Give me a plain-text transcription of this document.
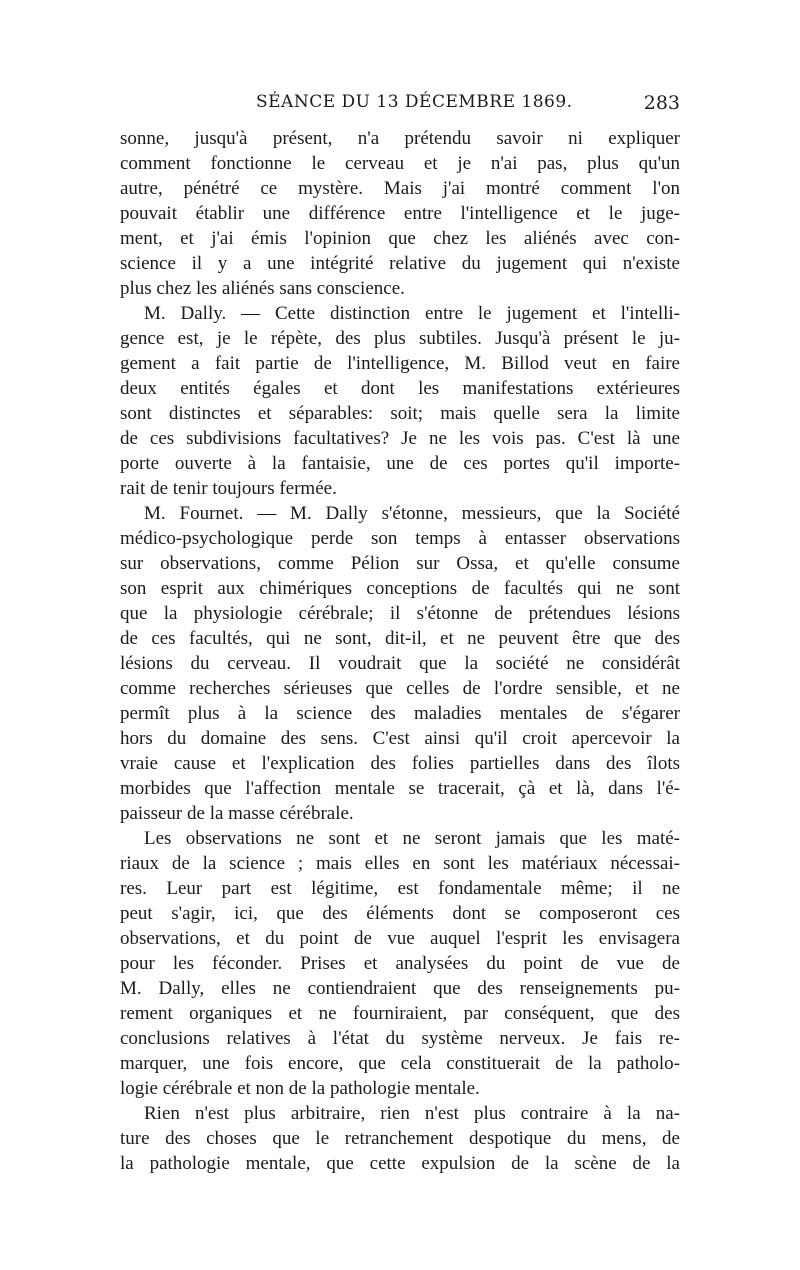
SÉANCE DU 13 DÉCEMBRE 1869.	283
sonne, jusqu'à présent, n'a prétendu savoir ni expliquer
comment fonctionne le cerveau et je n'ai pas, plus qu'un
autre, pénétré ce mystère. Mais j'ai montré comment l'on
pouvait établir une différence entre l'intelligence et le juge-
ment, et j'ai émis l'opinion que chez les aliénés avec con-
science il y a une intégrité relative du jugement qui n'existe
plus chez les aliénés sans conscience.
M. Dally. — Cette distinction entre le jugement et l'intelli-
gence est, je le répète, des plus subtiles. Jusqu'à présent le ju-
gement a fait partie de l'intelligence, M. Billod veut en faire
deux entités égales et dont les manifestations extérieures
sont distinctes et séparables: soit; mais quelle sera la limite
de ces subdivisions facultatives? Je ne les vois pas. C'est là une
porte ouverte à la fantaisie, une de ces portes qu'il importe-
rait de tenir toujours fermée.
M. Fournet. — M. Dally s'étonne, messieurs, que la Société
médico-psychologique perde son temps à entasser observations
sur observations, comme Pélion sur Ossa, et qu'elle consume
son esprit aux chimériques conceptions de facultés qui ne sont
que la physiologie cérébrale; il s'étonne de prétendues lésions
de ces facultés, qui ne sont, dit-il, et ne peuvent être que des
lésions du cerveau. Il voudrait que la société ne considérât
comme recherches sérieuses que celles de l'ordre sensible, et ne
permît plus à la science des maladies mentales de s'égarer
hors du domaine des sens. C'est ainsi qu'il croit apercevoir la
vraie cause et l'explication des folies partielles dans des îlots
morbides que l'affection mentale se tracerait, çà et là, dans l'é-
paisseur de la masse cérébrale.
Les observations ne sont et ne seront jamais que les maté-
riaux de la science ; mais elles en sont les matériaux nécessai-
res. Leur part est légitime, est fondamentale même; il ne
peut s'agir, ici, que des éléments dont se composeront ces
observations, et du point de vue auquel l'esprit les envisagera
pour les féconder. Prises et analysées du point de vue de
M. Dally, elles ne contiendraient que des renseignements pu-
rement organiques et ne fourniraient, par conséquent, que des
conclusions relatives à l'état du système nerveux. Je fais re-
marquer, une fois encore, que cela constituerait de la patholo-
logie cérébrale et non de la pathologie mentale.
Rien n'est plus arbitraire, rien n'est plus contraire à la na-
ture des choses que le retranchement despotique du mens, de
la pathologie mentale, que cette expulsion de la scène de la
